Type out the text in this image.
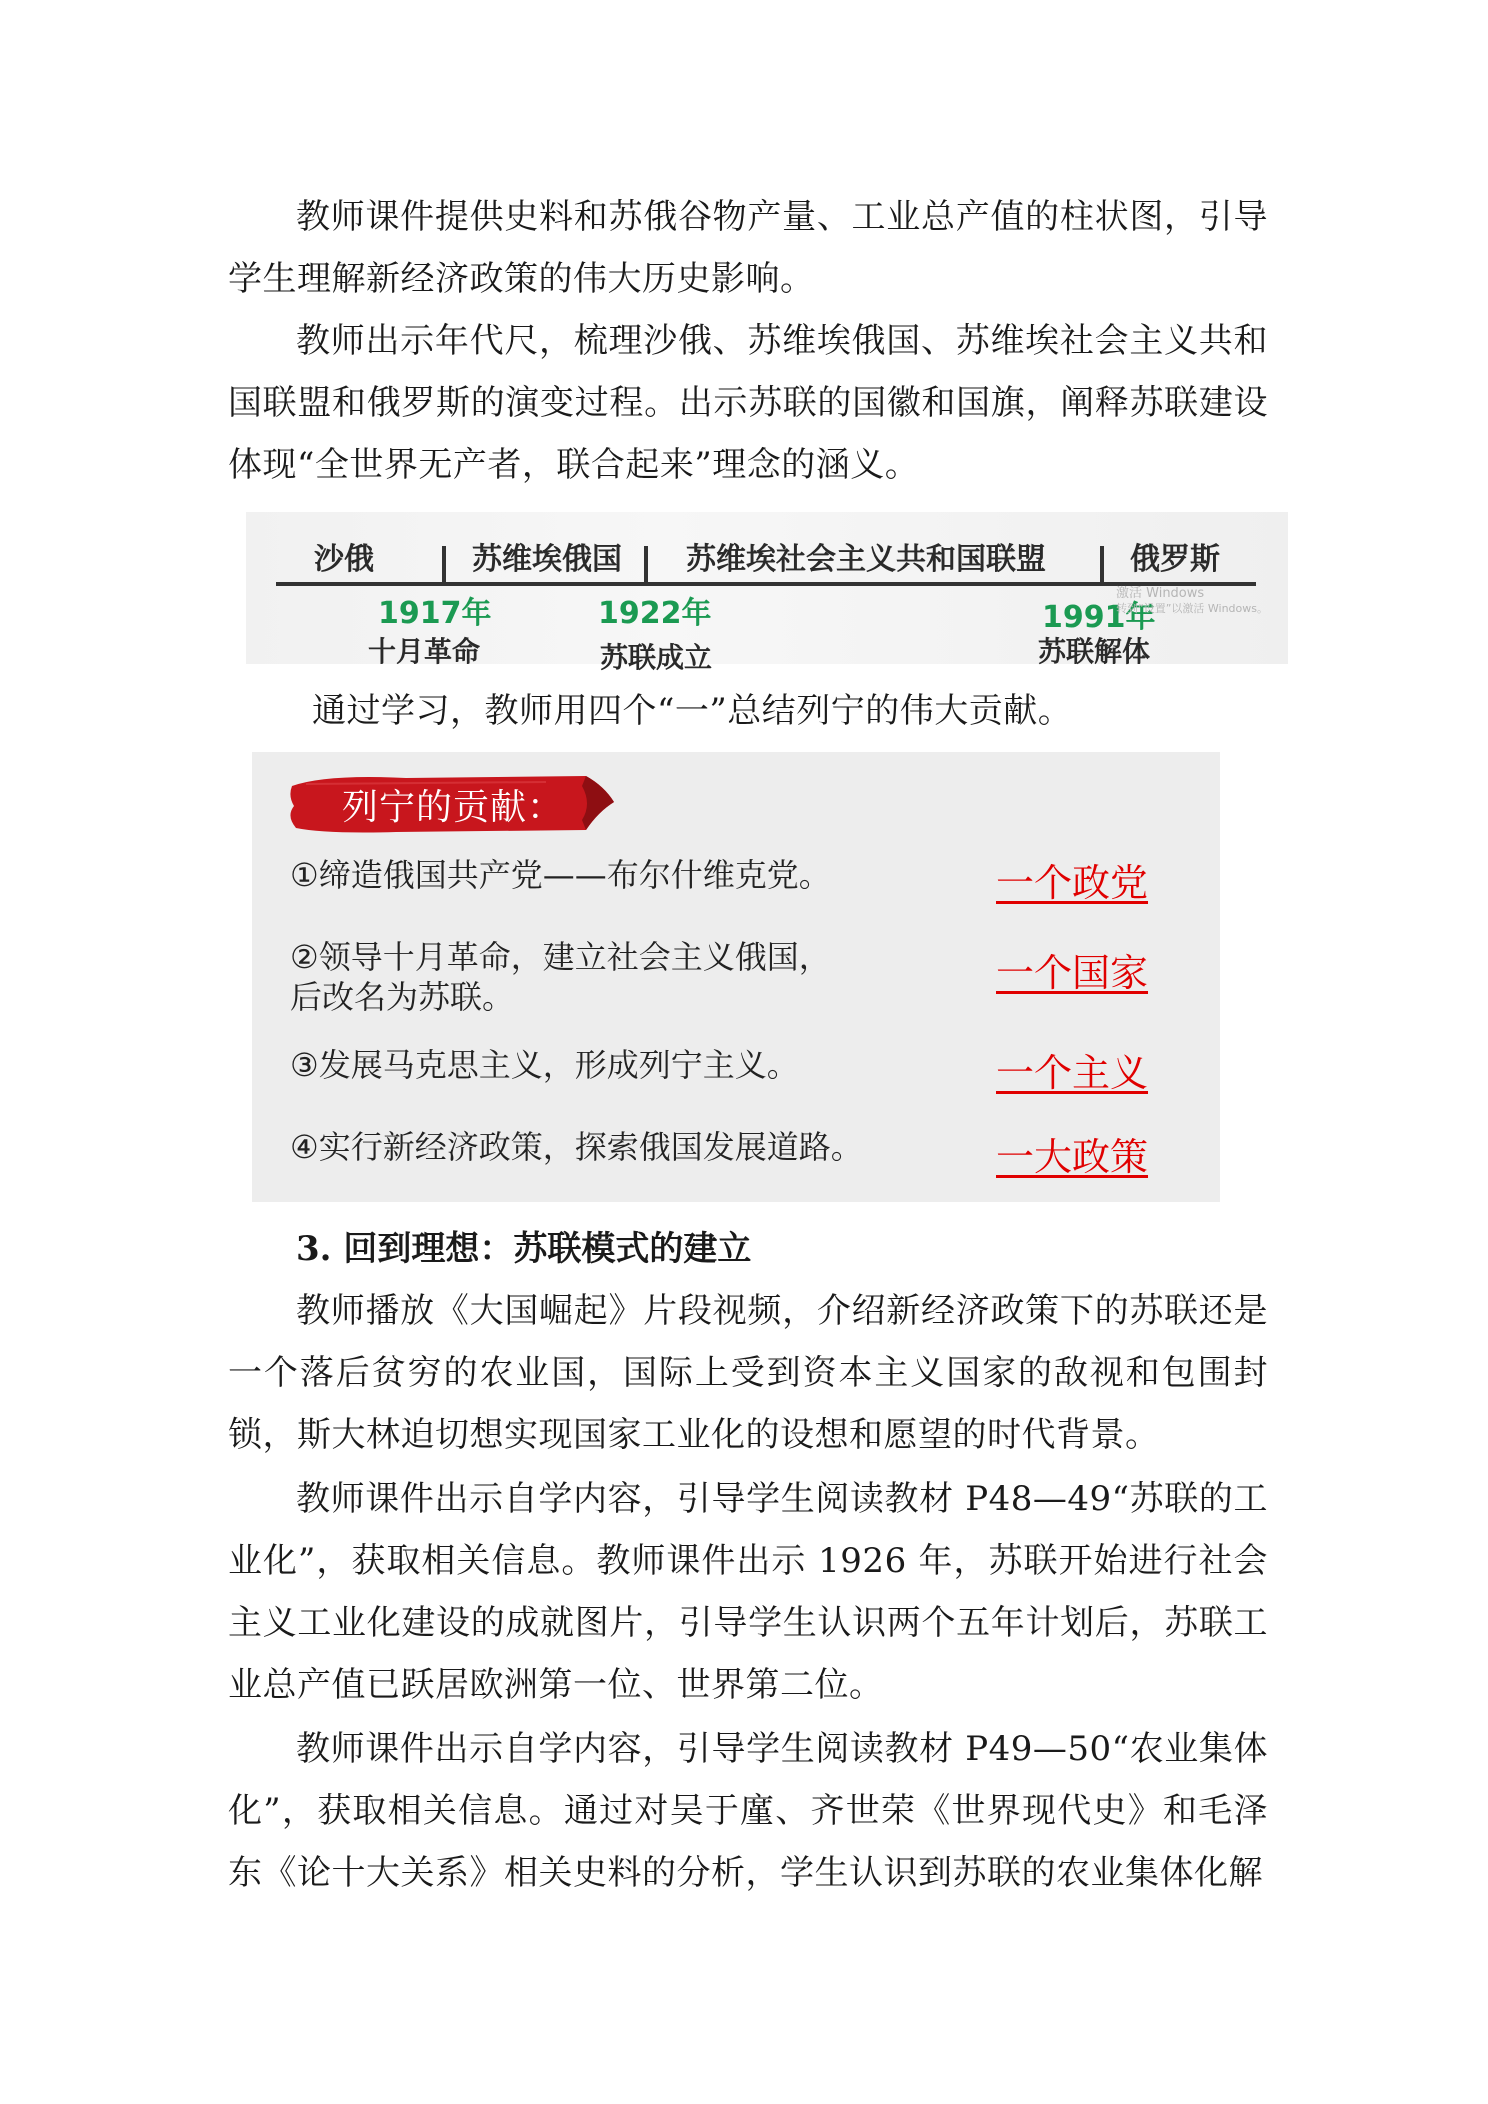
教师课件提供史料和苏俄谷物产量、工业总产值的柱状图，引导学生理解新经济政策的伟大历史影响。

教师出示年代尺，梳理沙俄、苏维埃俄国、苏维埃社会主义共和国联盟和俄罗斯的演变过程。出示苏联的国徽和国旗，阐释苏联建设体现“全世界无产者，联合起来”理念的涵义。

沙俄	苏维埃俄国 苏维埃社会主义共和国联盟	俄罗斯
1917年
十月革命
1922年
苏联成立
1991年
苏联解体
激活 Windows
转到“设置”以激活 Windows。

通过学习，教师用四个“一”总结列宁的伟大贡献。

列宁的贡献：
①缔造俄国共产党——布尔什维克党。	一个政党
②领导十月革命，建立社会主义俄国，
后改名为苏联。
一个国家
③发展马克思主义，形成列宁主义。	一个主义
④实行新经济政策，探索俄国发展道路。	一大政策

3. 回到理想：苏联模式的建立

教师播放《大国崛起》片段视频，介绍新经济政策下的苏联还是一个落后贫穷的农业国，国际上受到资本主义国家的敌视和包围封锁，斯大林迫切想实现国家工业化的设想和愿望的时代背景。

教师课件出示自学内容，引导学生阅读教材 P48—49“苏联的工业化”，获取相关信息。教师课件出示 1926 年，苏联开始进行社会主义工业化建设的成就图片，引导学生认识两个五年计划后，苏联工业总产值已跃居欧洲第一位、世界第二位。

教师课件出示自学内容，引导学生阅读教材 P49—50“农业集体化”，获取相关信息。通过对吴于廑、齐世荣《世界现代史》和毛泽东《论十大关系》相关史料的分析，学生认识到苏联的农业集体化解
